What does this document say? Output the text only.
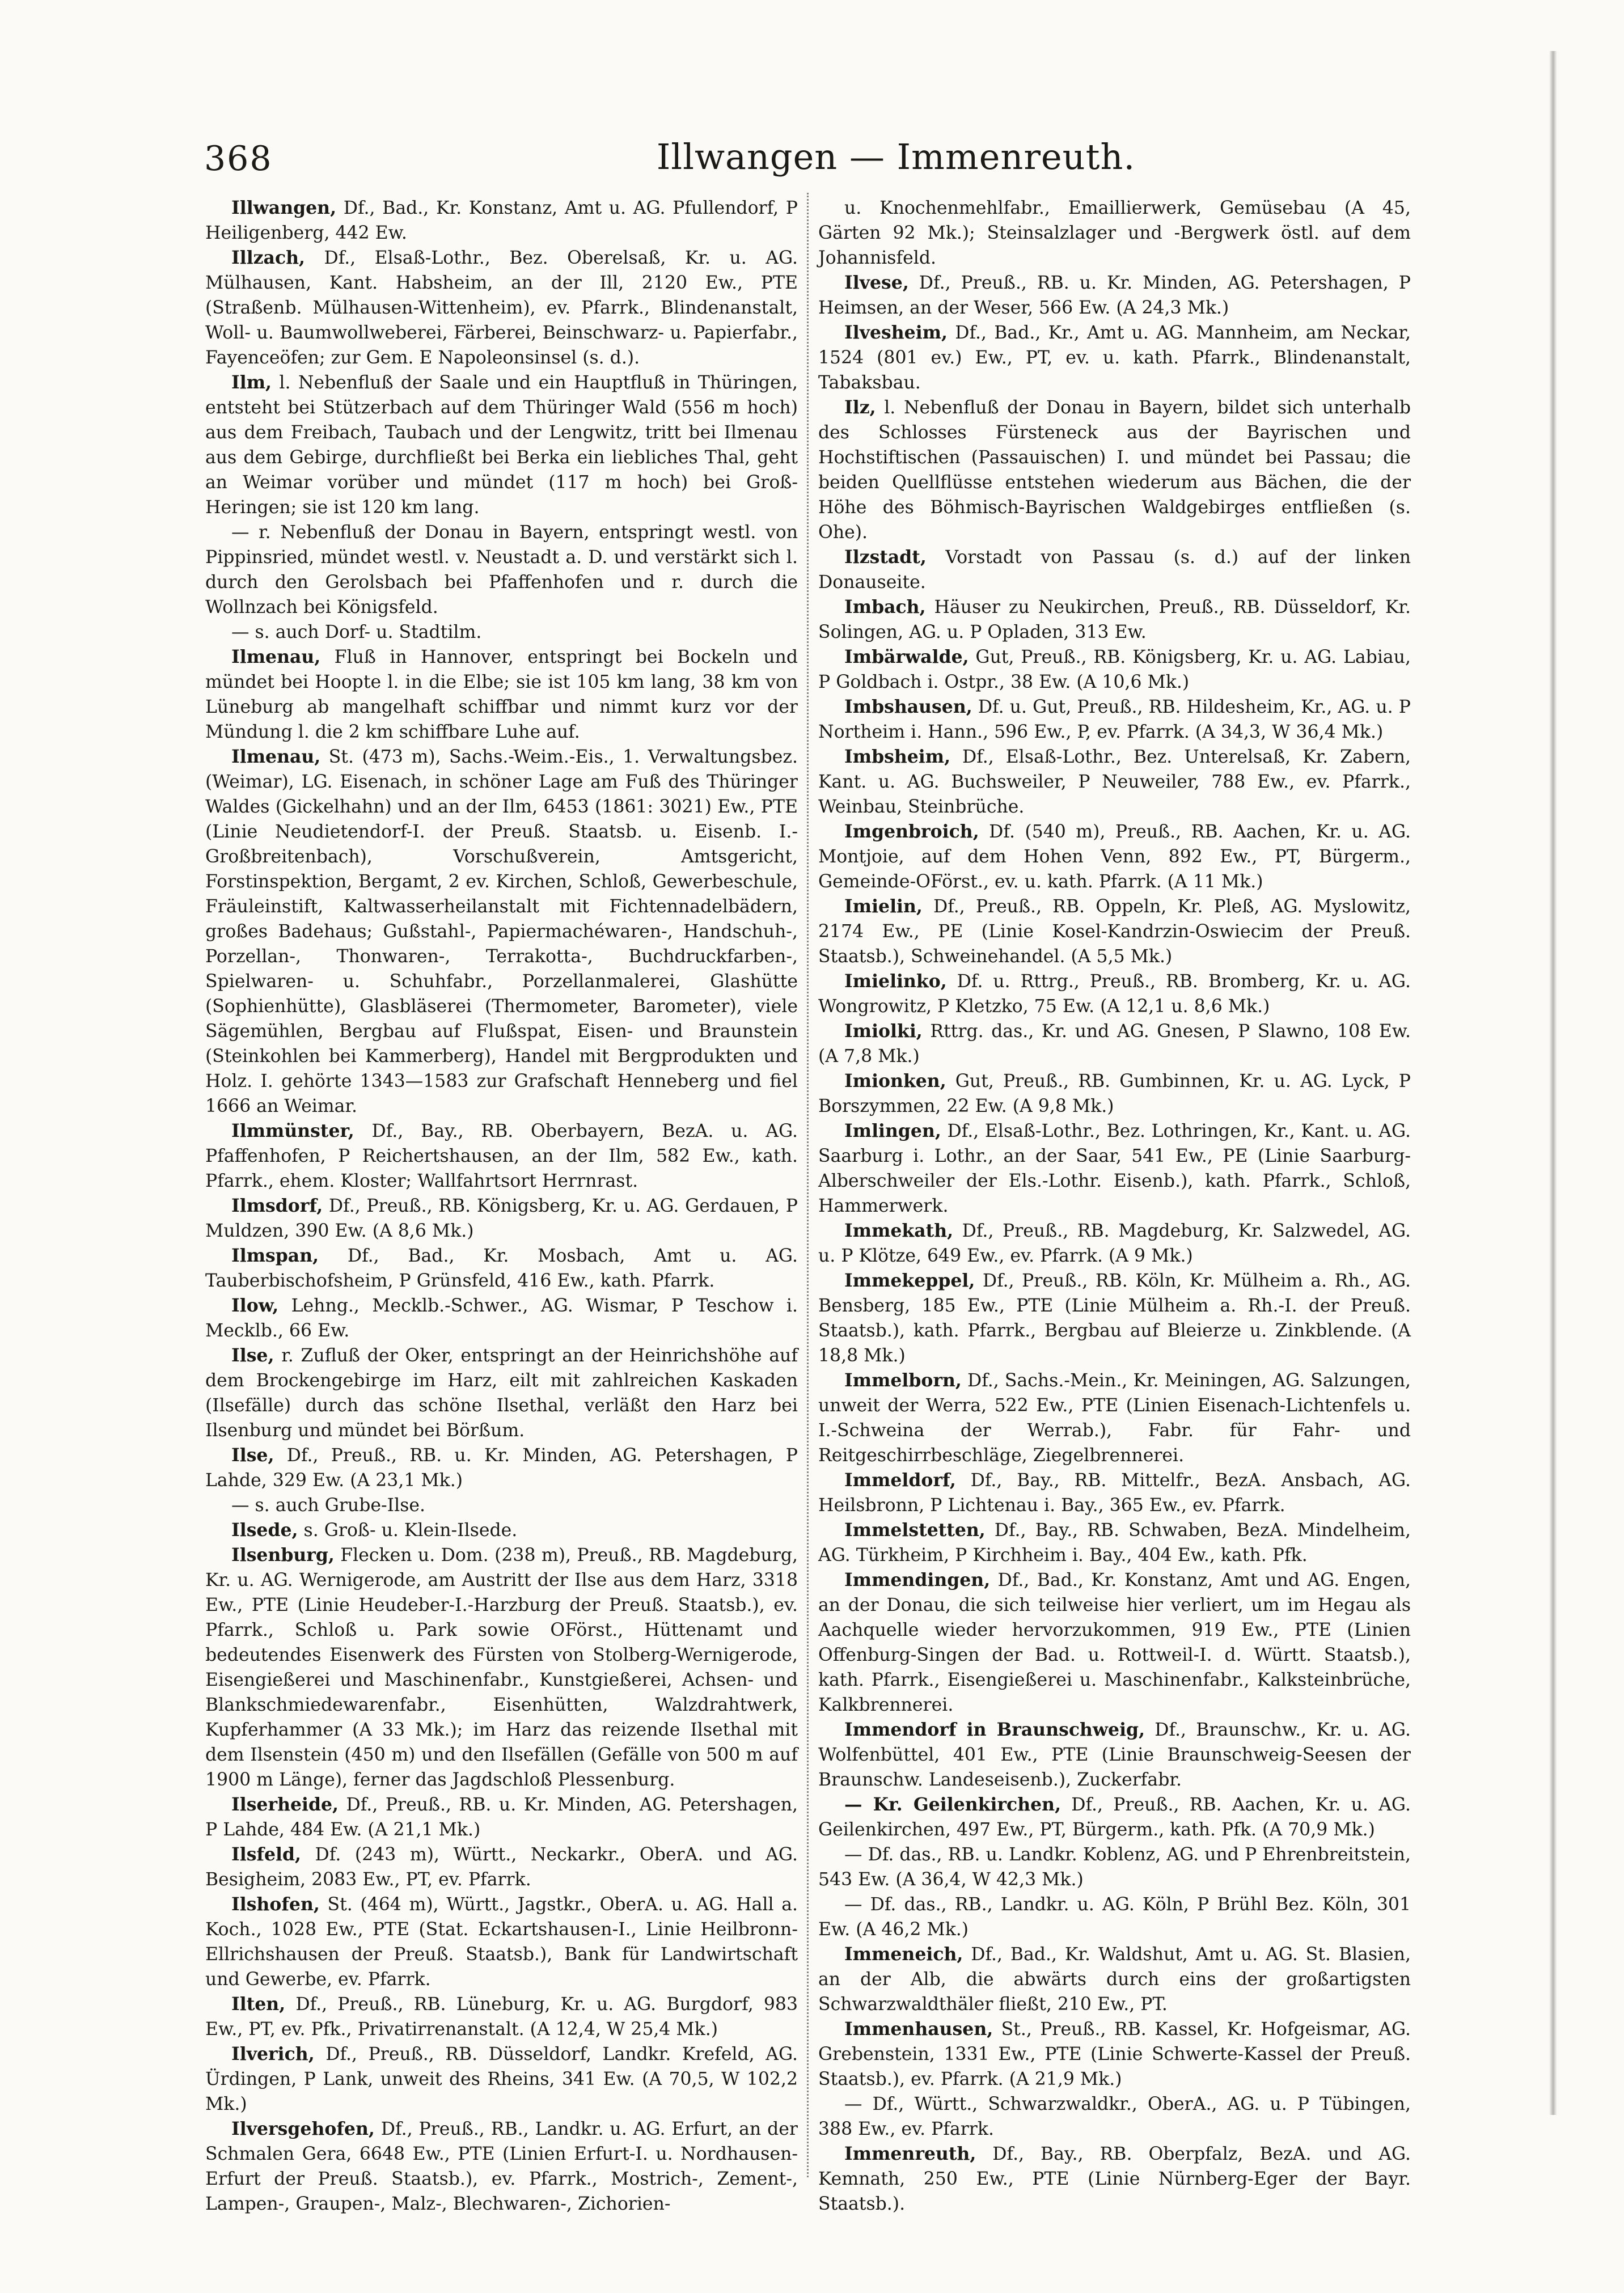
368	Illwangen — Immenreuth.

Illwangen, Df., Bad., Kr. Konstanz, Amt u. AG. Pfullendorf, P Heiligenberg, 442 Ew.

Illzach, Df., Elsaß-Lothr., Bez. Oberelsaß, Kr. u. AG. Mülhausen, Kant. Habsheim, an der Ill, 2120 Ew., PTE (Straßenb. Mülhausen-Wittenheim), ev. Pfarrk., Blindenanstalt, Woll- u. Baumwollweberei, Färberei, Beinschwarz- u. Papierfabr., Fayenceöfen; zur Gem. E Napoleonsinsel (s. d.).

Ilm, l. Nebenfluß der Saale und ein Hauptfluß in Thüringen, entsteht bei Stützerbach auf dem Thüringer Wald (556 m hoch) aus dem Freibach, Taubach und der Lengwitz, tritt bei Ilmenau aus dem Gebirge, durchfließt bei Berka ein liebliches Thal, geht an Weimar vorüber und mündet (117 m hoch) bei Groß-Heringen; sie ist 120 km lang.

— r. Nebenfluß der Donau in Bayern, entspringt westl. von Pippinsried, mündet westl. v. Neustadt a. D. und verstärkt sich l. durch den Gerolsbach bei Pfaffenhofen und r. durch die Wollnzach bei Königsfeld.

— s. auch Dorf- u. Stadtilm.

Ilmenau, Fluß in Hannover, entspringt bei Bockeln und mündet bei Hoopte l. in die Elbe; sie ist 105 km lang, 38 km von Lüneburg ab mangelhaft schiffbar und nimmt kurz vor der Mündung l. die 2 km schiffbare Luhe auf.

Ilmenau, St. (473 m), Sachs.-Weim.-Eis., 1. Verwaltungsbez. (Weimar), LG. Eisenach, in schöner Lage am Fuß des Thüringer Waldes (Gickelhahn) und an der Ilm, 6453 (1861: 3021) Ew., PTE (Linie Neudietendorf-I. der Preuß. Staatsb. u. Eisenb. I.-Großbreitenbach), Vorschußverein, Amtsgericht, Forstinspektion, Bergamt, 2 ev. Kirchen, Schloß, Gewerbeschule, Fräuleinstift, Kaltwasserheilanstalt mit Fichtennadelbädern, großes Badehaus; Gußstahl-, Papiermachéwaren-, Handschuh-, Porzellan-, Thonwaren-, Terrakotta-, Buchdruckfarben-, Spielwaren- u. Schuhfabr., Porzellanmalerei, Glashütte (Sophienhütte), Glasbläserei (Thermometer, Barometer), viele Sägemühlen, Bergbau auf Flußspat, Eisen- und Braunstein (Steinkohlen bei Kammerberg), Handel mit Bergprodukten und Holz. I. gehörte 1343—1583 zur Grafschaft Henneberg und fiel 1666 an Weimar.

Ilmmünster, Df., Bay., RB. Oberbayern, BezA. u. AG. Pfaffenhofen, P Reichertshausen, an der Ilm, 582 Ew., kath. Pfarrk., ehem. Kloster; Wallfahrtsort Herrnrast.

Ilmsdorf, Df., Preuß., RB. Königsberg, Kr. u. AG. Gerdauen, P Muldzen, 390 Ew. (A 8,6 Mk.)

Ilmspan, Df., Bad., Kr. Mosbach, Amt u. AG. Tauberbischofsheim, P Grünsfeld, 416 Ew., kath. Pfarrk.

Ilow, Lehng., Mecklb.-Schwer., AG. Wismar, P Teschow i. Mecklb., 66 Ew.

Ilse, r. Zufluß der Oker, entspringt an der Heinrichshöhe auf dem Brockengebirge im Harz, eilt mit zahlreichen Kaskaden (Ilsefälle) durch das schöne Ilsethal, verläßt den Harz bei Ilsenburg und mündet bei Börßum.

Ilse, Df., Preuß., RB. u. Kr. Minden, AG. Petershagen, P Lahde, 329 Ew. (A 23,1 Mk.)

— s. auch Grube-Ilse.

Ilsede, s. Groß- u. Klein-Ilsede.

Ilsenburg, Flecken u. Dom. (238 m), Preuß., RB. Magdeburg, Kr. u. AG. Wernigerode, am Austritt der Ilse aus dem Harz, 3318 Ew., PTE (Linie Heudeber-I.-Harzburg der Preuß. Staatsb.), ev. Pfarrk., Schloß u. Park sowie OFörst., Hüttenamt und bedeutendes Eisenwerk des Fürsten von Stolberg-Wernigerode, Eisengießerei und Maschinenfabr., Kunstgießerei, Achsen- und Blankschmiedewarenfabr., Eisenhütten, Walzdrahtwerk, Kupferhammer (A 33 Mk.); im Harz das reizende Ilsethal mit dem Ilsenstein (450 m) und den Ilsefällen (Gefälle von 500 m auf 1900 m Länge), ferner das Jagdschloß Plessenburg.

Ilserheide, Df., Preuß., RB. u. Kr. Minden, AG. Petershagen, P Lahde, 484 Ew. (A 21,1 Mk.)

Ilsfeld, Df. (243 m), Württ., Neckarkr., OberA. und AG. Besigheim, 2083 Ew., PT, ev. Pfarrk.

Ilshofen, St. (464 m), Württ., Jagstkr., OberA. u. AG. Hall a. Koch., 1028 Ew., PTE (Stat. Eckartshausen-I., Linie Heilbronn-Ellrichshausen der Preuß. Staatsb.), Bank für Landwirtschaft und Gewerbe, ev. Pfarrk.

Ilten, Df., Preuß., RB. Lüneburg, Kr. u. AG. Burgdorf, 983 Ew., PT, ev. Pfk., Privatirrenanstalt. (A 12,4, W 25,4 Mk.)

Ilverich, Df., Preuß., RB. Düsseldorf, Landkr. Krefeld, AG. Ürdingen, P Lank, unweit des Rheins, 341 Ew. (A 70,5, W 102,2 Mk.)

Ilversgehofen, Df., Preuß., RB., Landkr. u. AG. Erfurt, an der Schmalen Gera, 6648 Ew., PTE (Linien Erfurt-I. u. Nordhausen-Erfurt der Preuß. Staatsb.), ev. Pfarrk., Mostrich-, Zement-, Lampen-, Graupen-, Malz-, Blechwaren-, Zichorien-

u. Knochenmehlfabr., Emaillierwerk, Gemüsebau (A 45, Gärten 92 Mk.); Steinsalzlager und -Bergwerk östl. auf dem Johannisfeld.

Ilvese, Df., Preuß., RB. u. Kr. Minden, AG. Petershagen, P Heimsen, an der Weser, 566 Ew. (A 24,3 Mk.)

Ilvesheim, Df., Bad., Kr., Amt u. AG. Mannheim, am Neckar, 1524 (801 ev.) Ew., PT, ev. u. kath. Pfarrk., Blindenanstalt, Tabaksbau.

Ilz, l. Nebenfluß der Donau in Bayern, bildet sich unterhalb des Schlosses Fürsteneck aus der Bayrischen und Hochstiftischen (Passauischen) I. und mündet bei Passau; die beiden Quellflüsse entstehen wiederum aus Bächen, die der Höhe des Böhmisch-Bayrischen Waldgebirges entfließen (s. Ohe).

Ilzstadt, Vorstadt von Passau (s. d.) auf der linken Donauseite.

Imbach, Häuser zu Neukirchen, Preuß., RB. Düsseldorf, Kr. Solingen, AG. u. P Opladen, 313 Ew.

Imbärwalde, Gut, Preuß., RB. Königsberg, Kr. u. AG. Labiau, P Goldbach i. Ostpr., 38 Ew. (A 10,6 Mk.)

Imbshausen, Df. u. Gut, Preuß., RB. Hildesheim, Kr., AG. u. P Northeim i. Hann., 596 Ew., P, ev. Pfarrk. (A 34,3, W 36,4 Mk.)

Imbsheim, Df., Elsaß-Lothr., Bez. Unterelsaß, Kr. Zabern, Kant. u. AG. Buchsweiler, P Neuweiler, 788 Ew., ev. Pfarrk., Weinbau, Steinbrüche.

Imgenbroich, Df. (540 m), Preuß., RB. Aachen, Kr. u. AG. Montjoie, auf dem Hohen Venn, 892 Ew., PT, Bürgerm., Gemeinde-OFörst., ev. u. kath. Pfarrk. (A 11 Mk.)

Imielin, Df., Preuß., RB. Oppeln, Kr. Pleß, AG. Myslowitz, 2174 Ew., PE (Linie Kosel-Kandrzin-Oswiecim der Preuß. Staatsb.), Schweinehandel. (A 5,5 Mk.)

Imielinko, Df. u. Rttrg., Preuß., RB. Bromberg, Kr. u. AG. Wongrowitz, P Kletzko, 75 Ew. (A 12,1 u. 8,6 Mk.)

Imiolki, Rttrg. das., Kr. und AG. Gnesen, P Slawno, 108 Ew. (A 7,8 Mk.)

Imionken, Gut, Preuß., RB. Gumbinnen, Kr. u. AG. Lyck, P Borszymmen, 22 Ew. (A 9,8 Mk.)

Imlingen, Df., Elsaß-Lothr., Bez. Lothringen, Kr., Kant. u. AG. Saarburg i. Lothr., an der Saar, 541 Ew., PE (Linie Saarburg-Alberschweiler der Els.-Lothr. Eisenb.), kath. Pfarrk., Schloß, Hammerwerk.

Immekath, Df., Preuß., RB. Magdeburg, Kr. Salzwedel, AG. u. P Klötze, 649 Ew., ev. Pfarrk. (A 9 Mk.)

Immekeppel, Df., Preuß., RB. Köln, Kr. Mülheim a. Rh., AG. Bensberg, 185 Ew., PTE (Linie Mülheim a. Rh.-I. der Preuß. Staatsb.), kath. Pfarrk., Bergbau auf Bleierze u. Zinkblende. (A 18,8 Mk.)

Immelborn, Df., Sachs.-Mein., Kr. Meiningen, AG. Salzungen, unweit der Werra, 522 Ew., PTE (Linien Eisenach-Lichtenfels u. I.-Schweina der Werrab.), Fabr. für Fahr- und Reitgeschirrbeschläge, Ziegelbrennerei.

Immeldorf, Df., Bay., RB. Mittelfr., BezA. Ansbach, AG. Heilsbronn, P Lichtenau i. Bay., 365 Ew., ev. Pfarrk.

Immelstetten, Df., Bay., RB. Schwaben, BezA. Mindelheim, AG. Türkheim, P Kirchheim i. Bay., 404 Ew., kath. Pfk.

Immendingen, Df., Bad., Kr. Konstanz, Amt und AG. Engen, an der Donau, die sich teilweise hier verliert, um im Hegau als Aachquelle wieder hervorzukommen, 919 Ew., PTE (Linien Offenburg-Singen der Bad. u. Rottweil-I. d. Württ. Staatsb.), kath. Pfarrk., Eisengießerei u. Maschinenfabr., Kalksteinbrüche, Kalkbrennerei.

Immendorf in Braunschweig, Df., Braunschw., Kr. u. AG. Wolfenbüttel, 401 Ew., PTE (Linie Braunschweig-Seesen der Braunschw. Landeseisenb.), Zuckerfabr.

— Kr. Geilenkirchen, Df., Preuß., RB. Aachen, Kr. u. AG. Geilenkirchen, 497 Ew., PT, Bürgerm., kath. Pfk. (A 70,9 Mk.)

— Df. das., RB. u. Landkr. Koblenz, AG. und P Ehrenbreitstein, 543 Ew. (A 36,4, W 42,3 Mk.)

— Df. das., RB., Landkr. u. AG. Köln, P Brühl Bez. Köln, 301 Ew. (A 46,2 Mk.)

Immeneich, Df., Bad., Kr. Waldshut, Amt u. AG. St. Blasien, an der Alb, die abwärts durch eins der großartigsten Schwarzwaldthäler fließt, 210 Ew., PT.

Immenhausen, St., Preuß., RB. Kassel, Kr. Hofgeismar, AG. Grebenstein, 1331 Ew., PTE (Linie Schwerte-Kassel der Preuß. Staatsb.), ev. Pfarrk. (A 21,9 Mk.)

— Df., Württ., Schwarzwaldkr., OberA., AG. u. P Tübingen, 388 Ew., ev. Pfarrk.

Immenreuth, Df., Bay., RB. Oberpfalz, BezA. und AG. Kemnath, 250 Ew., PTE (Linie Nürnberg-Eger der Bayr. Staatsb.).
